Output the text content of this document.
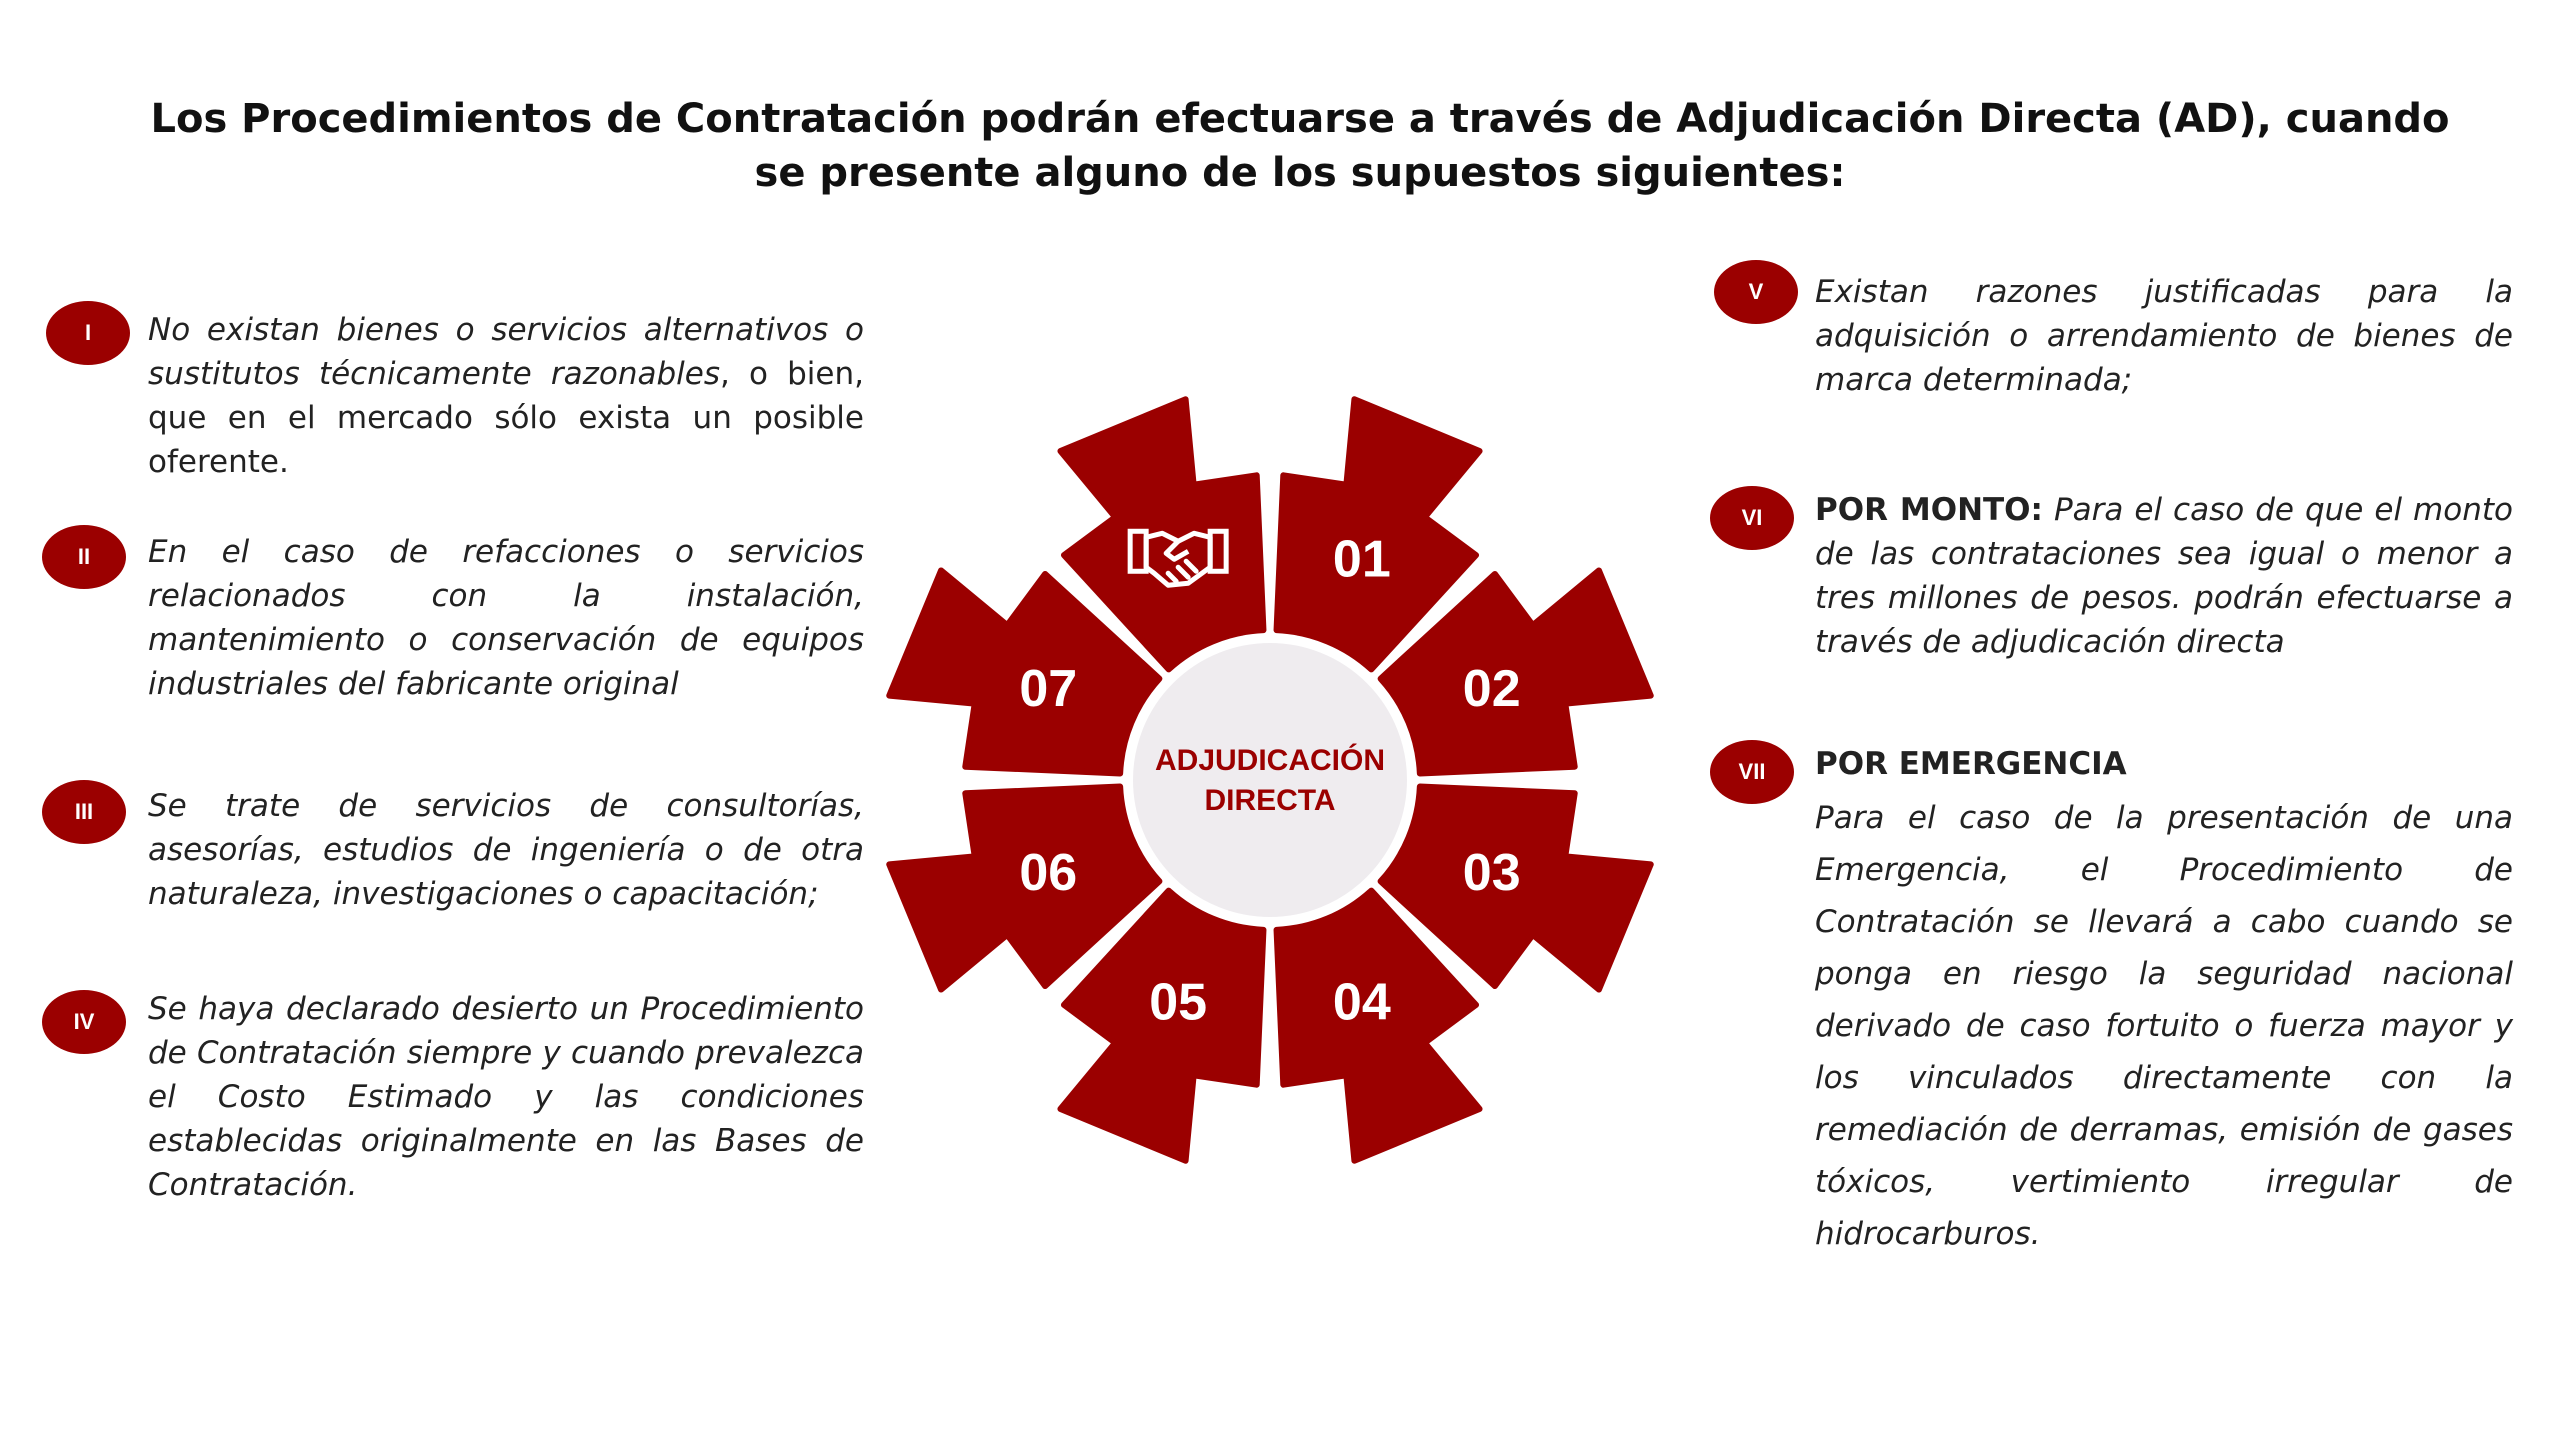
Los Procedimientos de Contratación podrán efectuarse a través de Adjudicación Directa (AD), cuando
se presente alguno de los supuestos siguientes:
I	No existan bienes o servicios alternativos o sustitutos técnicamente razonables, o bien, que en el mercado sólo exista un posible oferente.
II	En el caso de refacciones o servicios relacionados con la instalación, mantenimiento o conservación de equipos industriales del fabricante original
III	Se trate de servicios de consultorías, asesorías, estudios de ingeniería o de otra naturaleza, investigaciones o capacitación;
IV	Se haya declarado desierto un Procedimiento de Contratación siempre y cuando prevalezca el Costo Estimado y las condiciones establecidas originalmente en las Bases de Contratación.
V	Existan razones justificadas para la adquisición o arrendamiento de bienes de marca determinada;
VI	POR MONTO: Para el caso de que el monto de las contrataciones sea igual o menor a tres millones de pesos. podrán efectuarse a través de adjudicación directa
VII	POR EMERGENCIA
Para el caso de la presentación de una Emergencia, el Procedimiento de Contratación se llevará a cabo cuando se ponga en riesgo la seguridad nacional derivado de caso fortuito o fuerza mayor y los vinculados directamente con la remediación de derramas, emisión de gases tóxicos, vertimiento irregular de hidrocarburos.
ADJUDICACIÓN
DIRECTA
01
02
03
04
05
06
07
